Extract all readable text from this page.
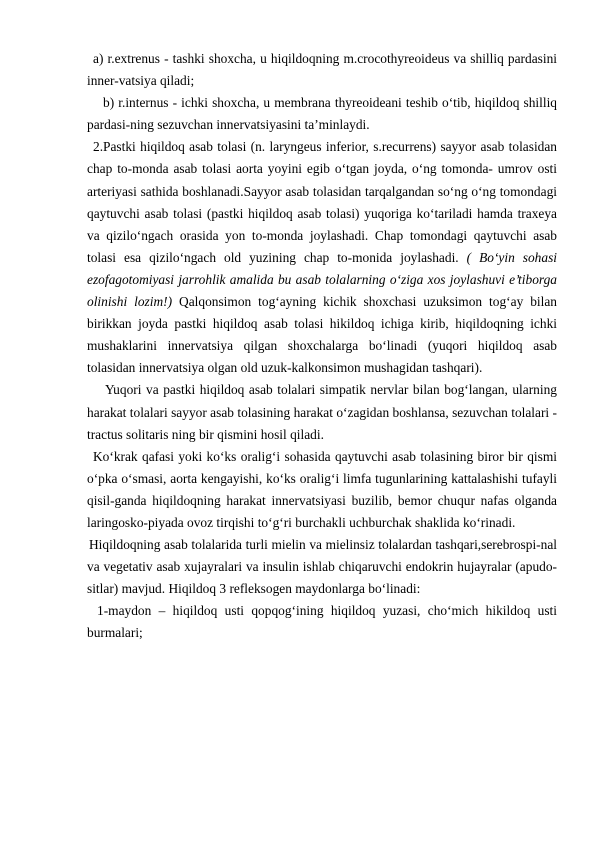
a) r.extrenus - tashki shoxcha, u hiqildoqning m.crocothyreoideus va shilliq pardasini inner-vatsiya qiladi;

b) r.internus - ichki shoxcha, u membrana thyreoideani teshib o‘tib, hiqildoq shilliq pardasi-ning sezuvchan innervatsiyasini ta’minlaydi.

2.Pastki hiqildoq asab tolasi (n. laryngeus inferior, s.recurrens) sayyor asab tolasidan chap to-monda asab tolasi aorta yoyini egib o‘tgan joyda, o‘ng tomonda- umrov osti arteriyasi sathida boshlanadi.Sayyor asab tolasidan tarqalgandan so‘ng o‘ng tomondagi qaytuvchi asab tolasi (pastki hiqildoq asab tolasi) yuqoriga ko‘tariladi hamda traxeya va qizilo‘ngach orasida yon to-monda joylashadi. Chap tomondagi qaytuvchi asab tolasi esa qizilo‘ngach old yuzining chap to-monida joylashadi. ( Bo‘yin sohasi ezofagotomiyasi jarrohlik amalida bu asab tolalarning o‘ziga xos joylashuvi e’tiborga olinishi lozim!) Qalqonsimon tog‘ayning kichik shoxchasi uzuksimon tog‘ay bilan birikkan joyda pastki hiqildoq asab tolasi hikildoq ichiga kirib, hiqildoqning ichki mushaklarini innervatsiya qilgan shoxchalarga bo‘linadi (yuqori hiqildoq asab tolasidan innervatsiya olgan old uzuk-kalkonsimon mushagidan tashqari).

Yuqori va pastki hiqildoq asab tolalari simpatik nervlar bilan bog‘langan, ularning harakat tolalari sayyor asab tolasining harakat o‘zagidan boshlansa, sezuvchan tolalari - tractus solitaris ning bir qismini hosil qiladi.

Ko‘krak qafasi yoki ko‘ks oralig‘i sohasida qaytuvchi asab tolasining biror bir qismi o‘pka o‘smasi, aorta kengayishi, ko‘ks oralig‘i limfa tugunlarining kattalashishi tufayli qisil-ganda hiqildoqning harakat innervatsiyasi buzilib, bemor chuqur nafas olganda laringosko-piyada ovoz tirqishi to‘g‘ri burchakli uchburchak shaklida ko‘rinadi.

Hiqildoqning asab tolalarida turli mielin va mielinsiz tolalardan tashqari,serebrospi-nal va vegetativ asab xujayralari va insulin ishlab chiqaruvchi endokrin hujayralar (apudo-sitlar) mavjud. Hiqildoq 3 refleksogen maydonlarga bo‘linadi:

1-maydon – hiqildoq usti qopqog‘ining hiqildoq yuzasi, cho‘mich hikildoq usti burmalari;
